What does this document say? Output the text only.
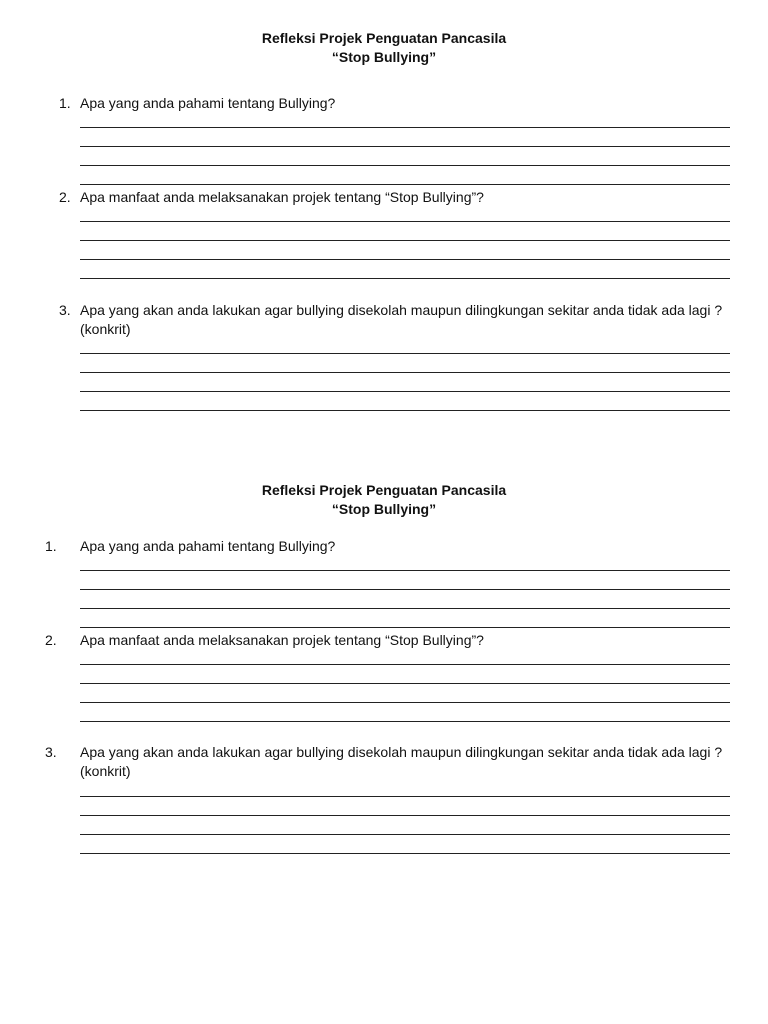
Refleksi Projek Penguatan Pancasila
“Stop Bullying”
1. Apa yang anda pahami tentang Bullying?
2. Apa manfaat anda melaksanakan projek tentang “Stop Bullying”?
3. Apa yang akan anda lakukan agar bullying disekolah maupun dilingkungan sekitar anda tidak ada lagi ?(konkrit)
Refleksi Projek Penguatan Pancasila
“Stop Bullying”
1. Apa yang anda pahami tentang Bullying?
2. Apa manfaat anda melaksanakan projek tentang “Stop Bullying”?
3. Apa yang akan anda lakukan agar bullying disekolah maupun dilingkungan sekitar anda tidak ada lagi ?(konkrit)
